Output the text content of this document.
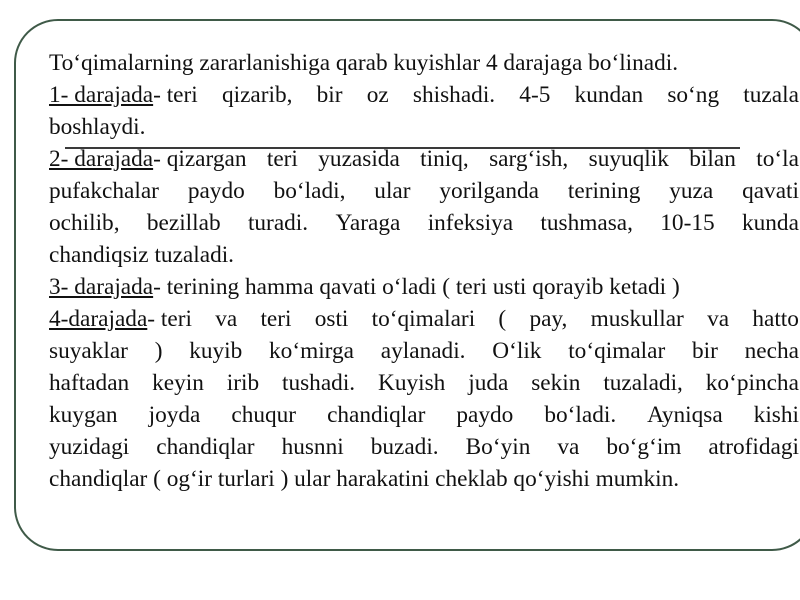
To‘qimalarning zararlanishiga qarab kuyishlar 4 darajaga bo‘linadi.
1- darajada- teri qizarib, bir oz shishadi. 4-5 kundan so‘ng tuzala
boshlaydi.
2- darajada- qizargan teri yuzasida tiniq, sarg‘ish, suyuqlik bilan to‘la
pufakchalar paydo bo‘ladi, ular yorilganda terining yuza qavati
ochilib, bezillab turadi. Yaraga infeksiya tushmasa, 10-15 kunda
chandiqsiz tuzaladi.
3- darajada- terining hamma qavati o‘ladi ( teri usti qorayib ketadi )
4-darajada- teri va teri osti to‘qimalari ( pay, muskullar va hatto
suyaklar ) kuyib ko‘mirga aylanadi. O‘lik to‘qimalar bir necha
haftadan keyin irib tushadi. Kuyish juda sekin tuzaladi, ko‘pincha
kuygan joyda chuqur chandiqlar paydo bo‘ladi. Ayniqsa kishi
yuzidagi chandiqlar husnni buzadi. Bo‘yin va bo‘g‘im atrofidagi
chandiqlar ( og‘ir turlari ) ular harakatini cheklab qo‘yishi mumkin.
